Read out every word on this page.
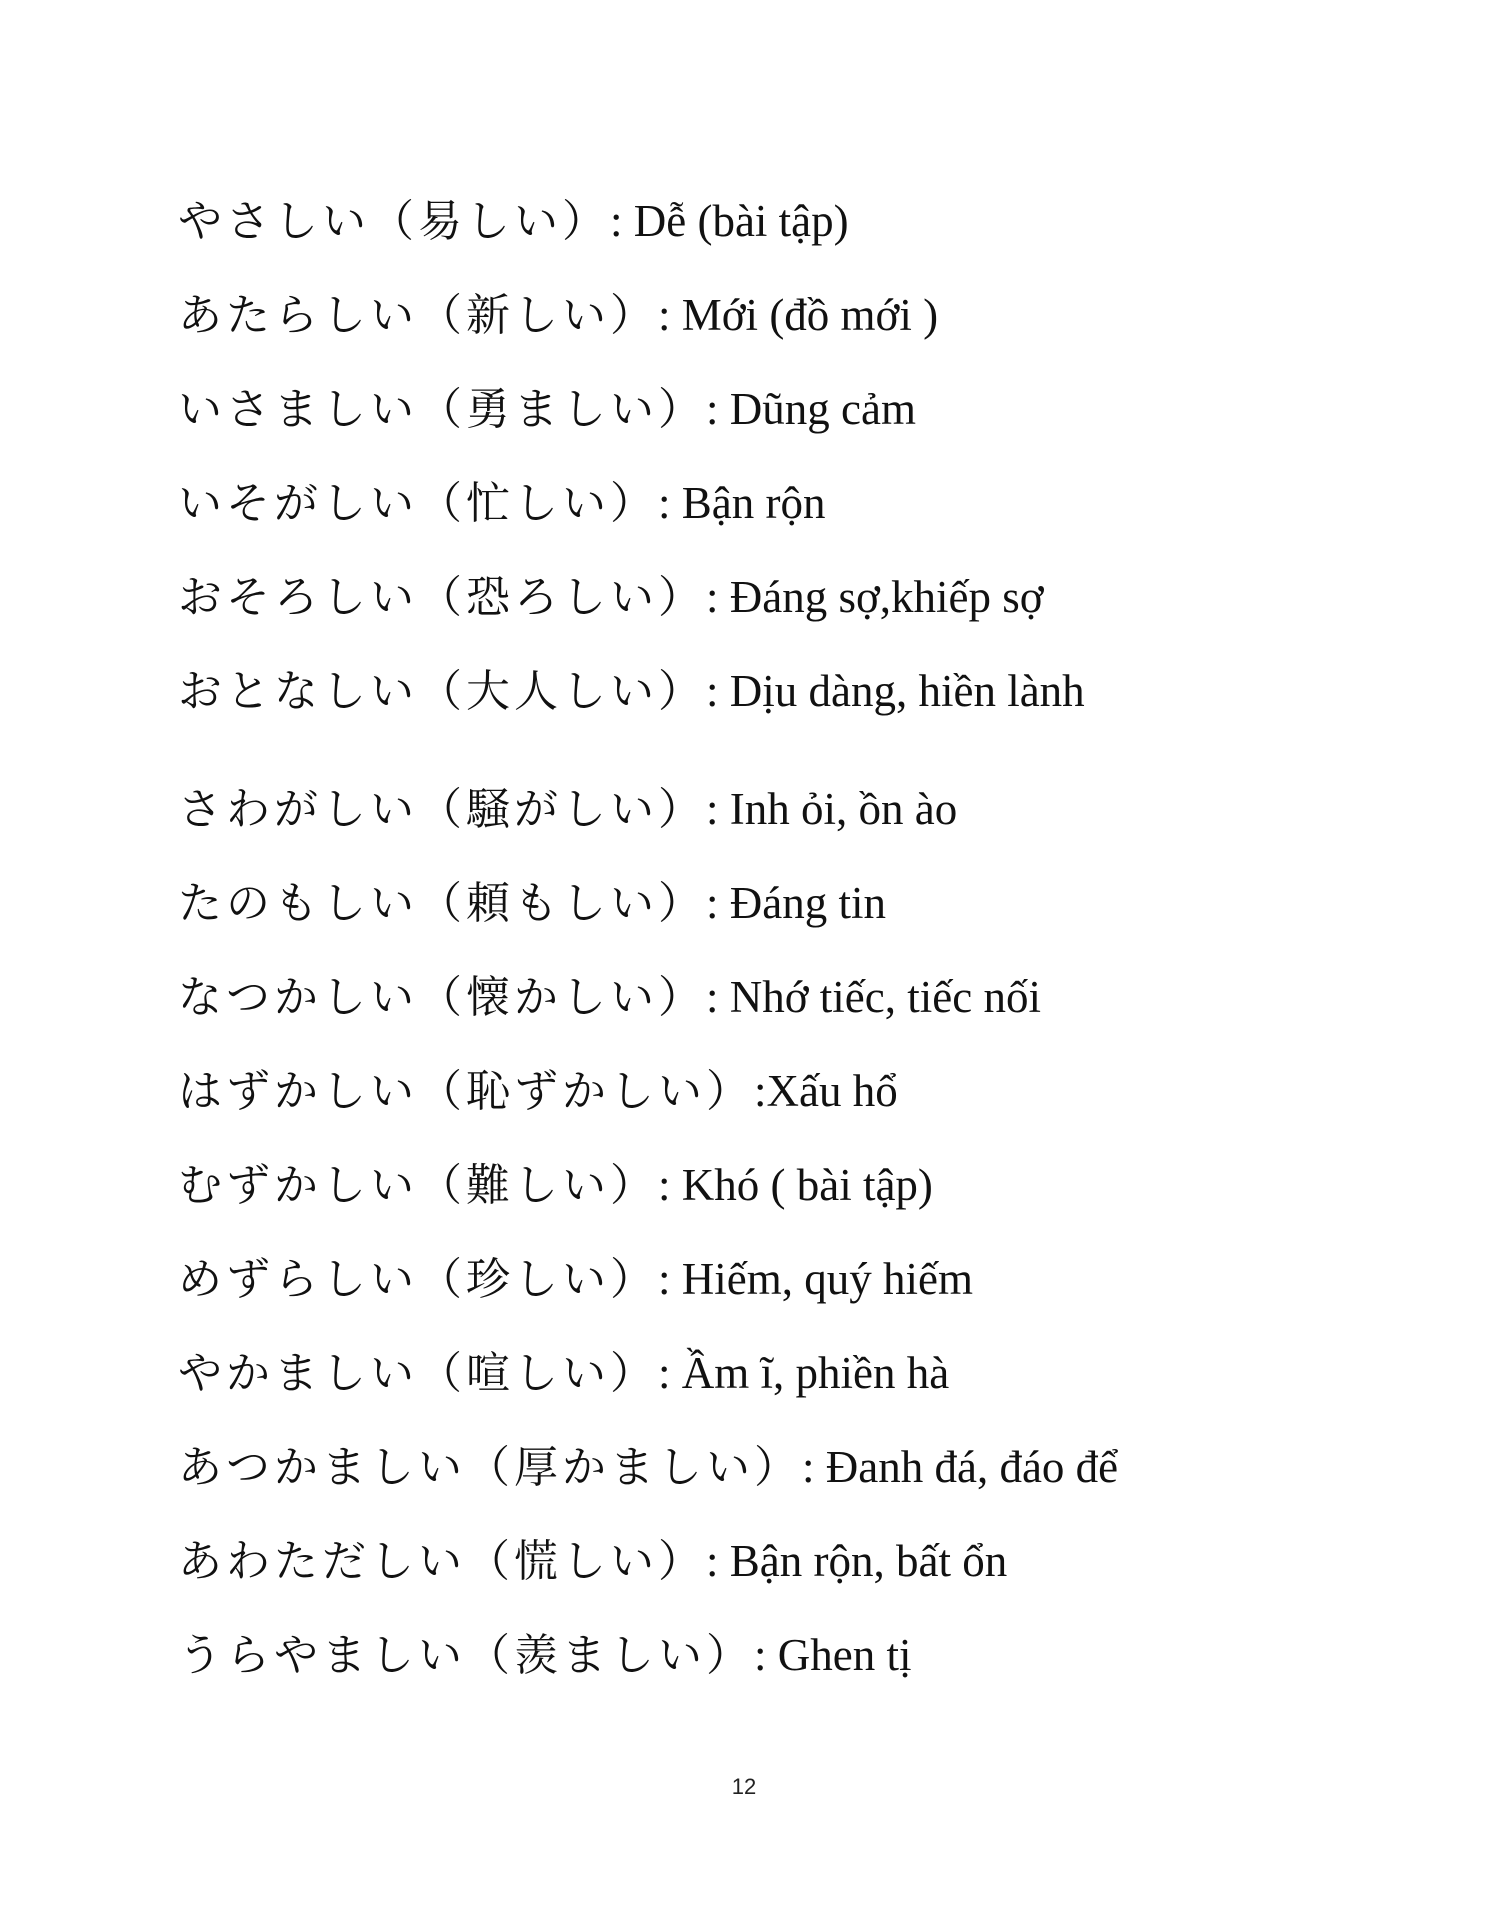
やさしい（易しい）: Dễ (bài tập)
あたらしい（新しい）: Mới (đồ mới )
いさましい（勇ましい）: Dũng cảm
いそがしい（忙しい）: Bận rộn
おそろしい（恐ろしい）: Đáng sợ,khiếp sợ
おとなしい（大人しい）: Dịu dàng, hiền lành
さわがしい（騒がしい）: Inh ỏi, ồn ào
たのもしい（頼もしい）: Đáng tin
なつかしい（懐かしい）: Nhớ tiếc, tiếc nối
はずかしい（恥ずかしい）:Xấu hổ
むずかしい（難しい）: Khó ( bài tập)
めずらしい（珍しい）: Hiếm, quý hiếm
やかましい（喧しい）: Ầm ĩ, phiền hà
あつかましい（厚かましい）: Đanh đá, đáo để
あわただしい（慌しい）: Bận rộn, bất ổn
うらやましい（羡ましい）: Ghen tị
12
